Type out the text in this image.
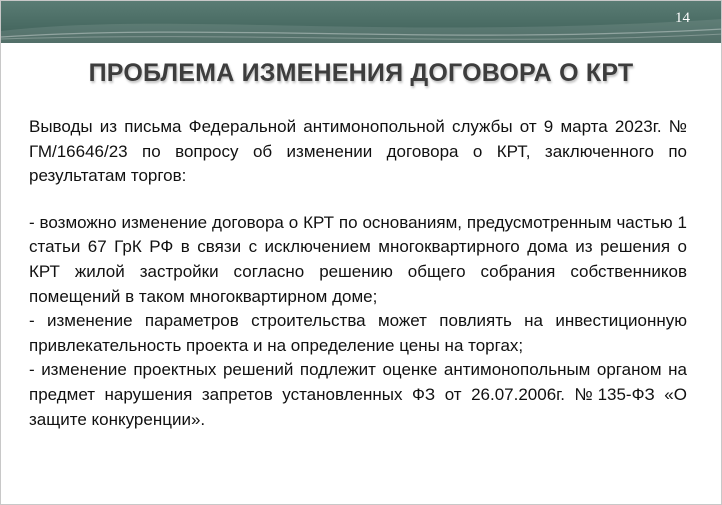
14
ПРОБЛЕМА ИЗМЕНЕНИЯ ДОГОВОРА О КРТ

Выводы из письма Федеральной антимонопольной службы от 9 марта 2023г. № ГМ/16646/23 по вопросу об изменении договора о КРТ, заключенного по результатам торгов:

- возможно изменение договора о КРТ по основаниям, предусмотренным частью 1 статьи 67 ГрК РФ в связи с исключением многоквартирного дома из решения о КРТ жилой застройки согласно решению общего собрания собственников помещений в таком многоквартирном доме;

- изменение параметров строительства может повлиять на инвестиционную привлекательность проекта и на определение цены на торгах;

- изменение проектных решений подлежит оценке антимонопольным органом на предмет нарушения запретов установленных ФЗ от 26.07.2006г. №135-ФЗ «О защите конкуренции».
